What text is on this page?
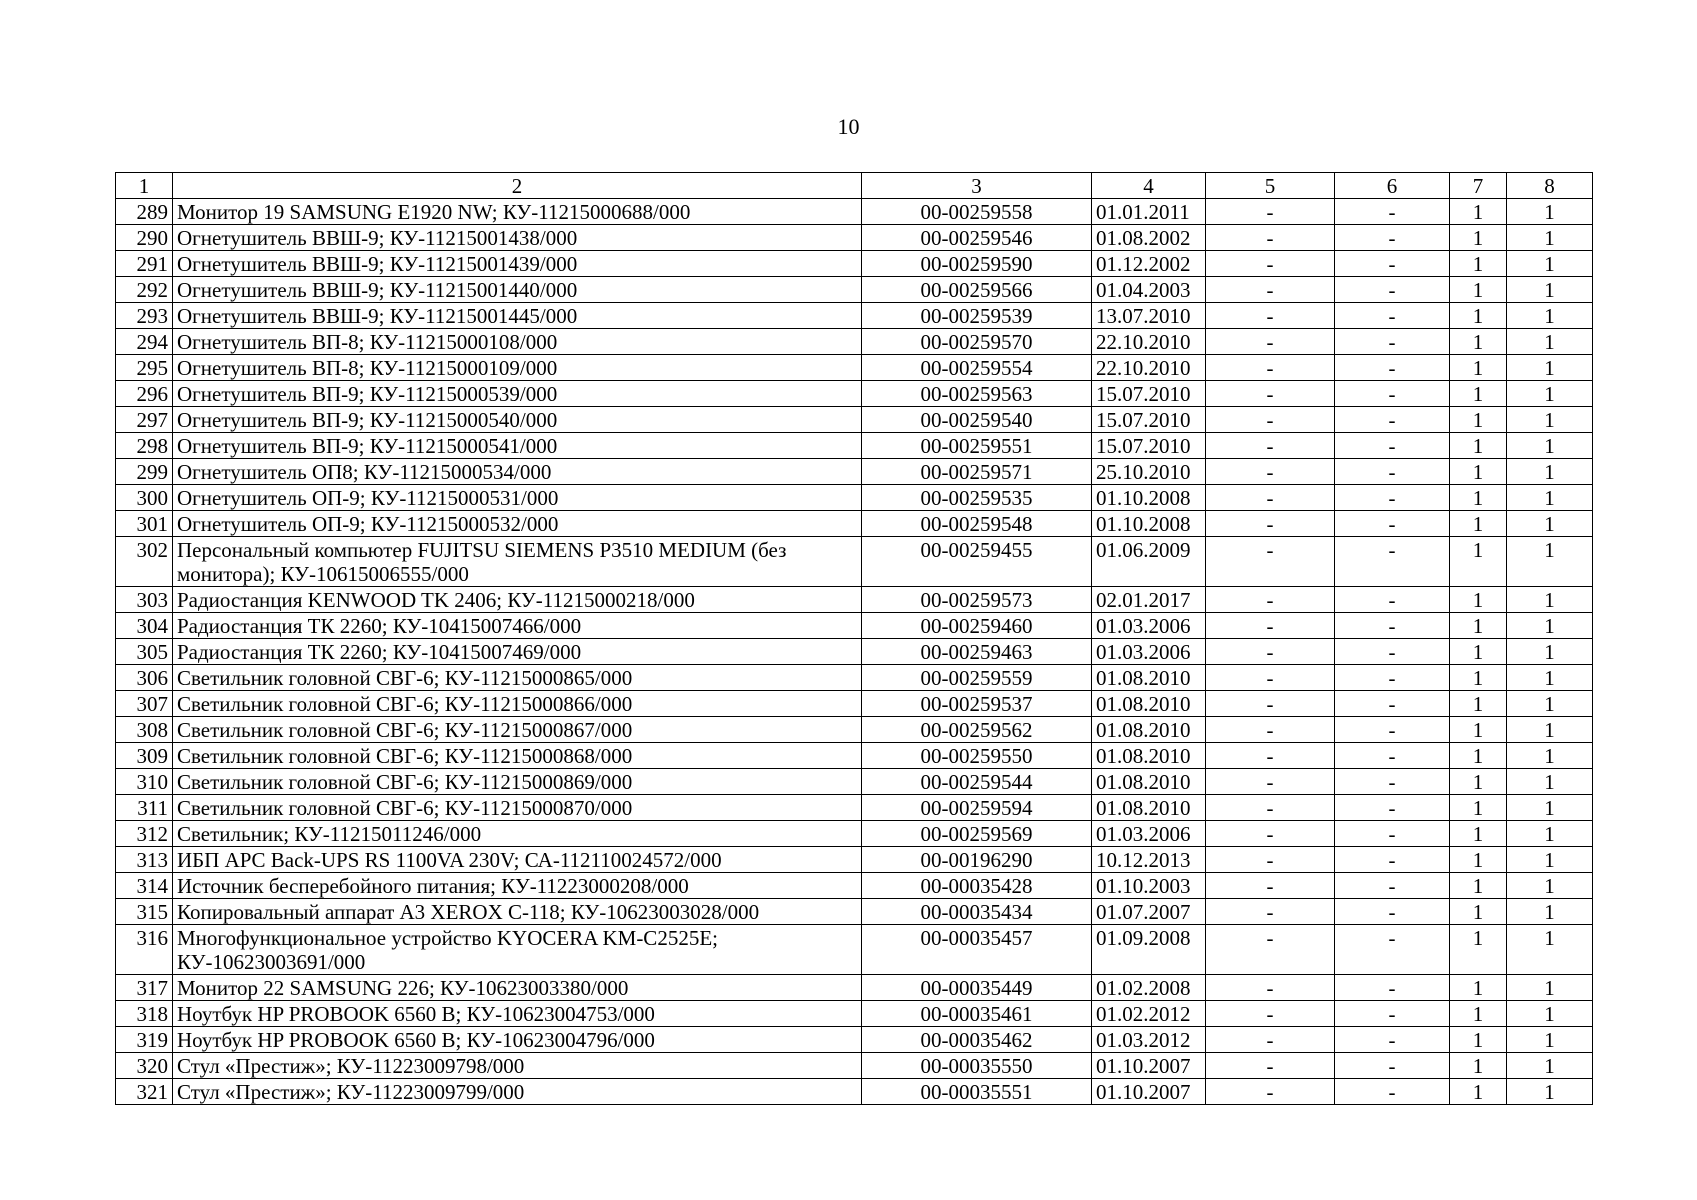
10
1	2	3	4	5	6	7	8
289	Монитор 19 SAMSUNG E1920 NW; КУ-11215000688/000	00-00259558	01.01.2011	-	-	1	1
290	Огнетушитель ВВШ-9; КУ-11215001438/000	00-00259546	01.08.2002	-	-	1	1
291	Огнетушитель ВВШ-9; КУ-11215001439/000	00-00259590	01.12.2002	-	-	1	1
292	Огнетушитель ВВШ-9; КУ-11215001440/000	00-00259566	01.04.2003	-	-	1	1
293	Огнетушитель ВВШ-9; КУ-11215001445/000	00-00259539	13.07.2010	-	-	1	1
294	Огнетушитель ВП-8; КУ-11215000108/000	00-00259570	22.10.2010	-	-	1	1
295	Огнетушитель ВП-8; КУ-11215000109/000	00-00259554	22.10.2010	-	-	1	1
296	Огнетушитель ВП-9; КУ-11215000539/000	00-00259563	15.07.2010	-	-	1	1
297	Огнетушитель ВП-9; КУ-11215000540/000	00-00259540	15.07.2010	-	-	1	1
298	Огнетушитель ВП-9; КУ-11215000541/000	00-00259551	15.07.2010	-	-	1	1
299	Огнетушитель ОП8; КУ-11215000534/000	00-00259571	25.10.2010	-	-	1	1
300	Огнетушитель ОП-9; КУ-11215000531/000	00-00259535	01.10.2008	-	-	1	1
301	Огнетушитель ОП-9; КУ-11215000532/000	00-00259548	01.10.2008	-	-	1	1
302	Персональный компьютер FUJITSU SIEMENS P3510 MEDIUM (без монитора); КУ-10615006555/000	00-00259455	01.06.2009	-	-	1	1
303	Радиостанция KENWOOD TK 2406; КУ-11215000218/000	00-00259573	02.01.2017	-	-	1	1
304	Радиостанция ТК 2260; КУ-10415007466/000	00-00259460	01.03.2006	-	-	1	1
305	Радиостанция ТК 2260; КУ-10415007469/000	00-00259463	01.03.2006	-	-	1	1
306	Светильник головной СВГ-6; КУ-11215000865/000	00-00259559	01.08.2010	-	-	1	1
307	Светильник головной СВГ-6; КУ-11215000866/000	00-00259537	01.08.2010	-	-	1	1
308	Светильник головной СВГ-6; КУ-11215000867/000	00-00259562	01.08.2010	-	-	1	1
309	Светильник головной СВГ-6; КУ-11215000868/000	00-00259550	01.08.2010	-	-	1	1
310	Светильник головной СВГ-6; КУ-11215000869/000	00-00259544	01.08.2010	-	-	1	1
311	Светильник головной СВГ-6; КУ-11215000870/000	00-00259594	01.08.2010	-	-	1	1
312	Светильник; КУ-11215011246/000	00-00259569	01.03.2006	-	-	1	1
313	ИБП APC Back-UPS RS 1100VA 230V; СА-112110024572/000	00-00196290	10.12.2013	-	-	1	1
314	Источник бесперебойного питания; КУ-11223000208/000	00-00035428	01.10.2003	-	-	1	1
315	Копировальный аппарат А3 XEROX C-118; КУ-10623003028/000	00-00035434	01.07.2007	-	-	1	1
316	Многофункциональное устройство KYOCERA KM-C2525E; КУ-10623003691/000	00-00035457	01.09.2008	-	-	1	1
317	Монитор 22 SAMSUNG 226; КУ-10623003380/000	00-00035449	01.02.2008	-	-	1	1
318	Ноутбук HP PROBOOK 6560 B; КУ-10623004753/000	00-00035461	01.02.2012	-	-	1	1
319	Ноутбук HP PROBOOK 6560 B; КУ-10623004796/000	00-00035462	01.03.2012	-	-	1	1
320	Стул «Престиж»; КУ-11223009798/000	00-00035550	01.10.2007	-	-	1	1
321	Стул «Престиж»; КУ-11223009799/000	00-00035551	01.10.2007	-	-	1	1
